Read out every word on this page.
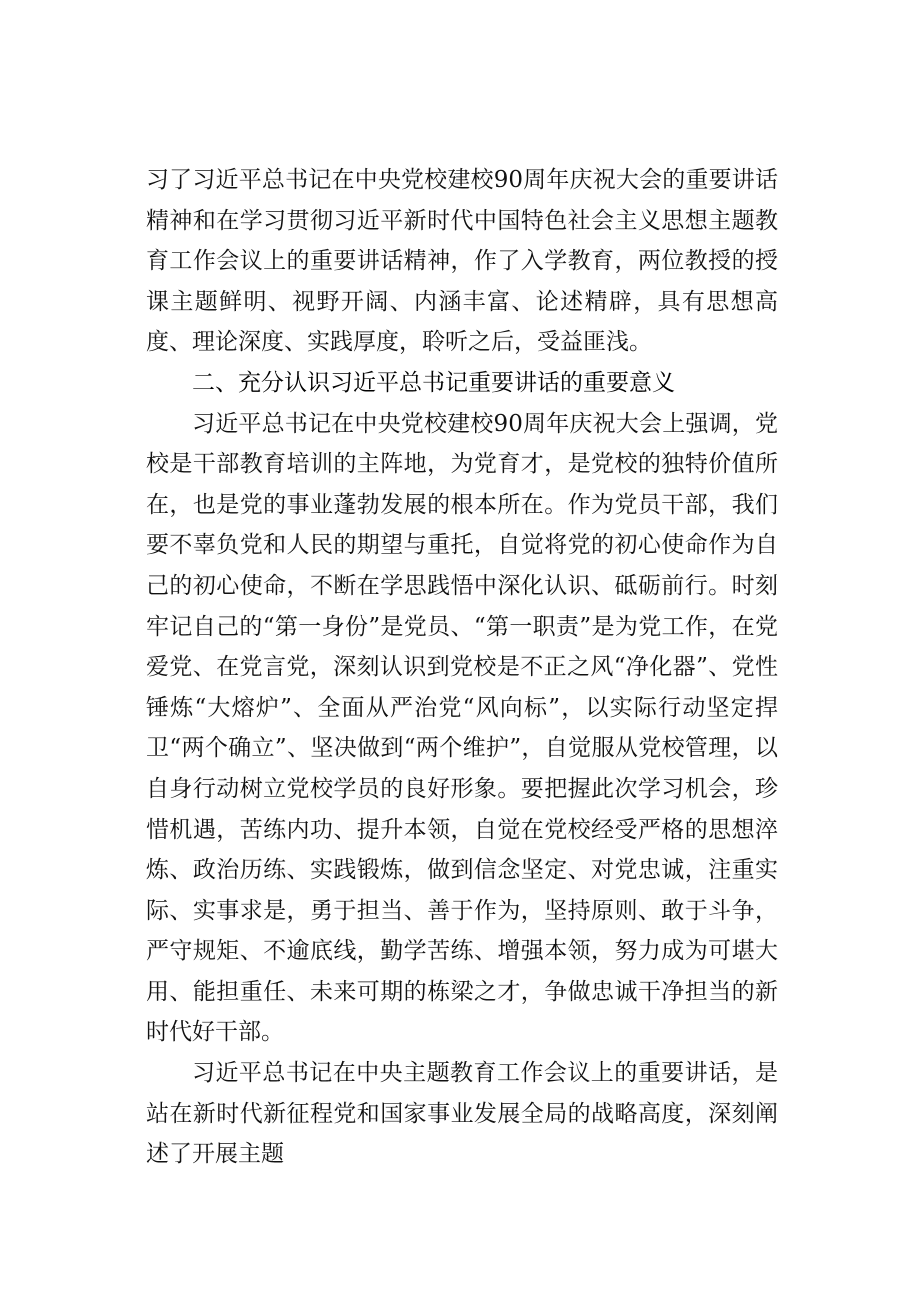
习了习近平总书记在中央党校建校90周年庆祝大会的重要讲话精神和在学习贯彻习近平新时代中国特色社会主义思想主题教育工作会议上的重要讲话精神，作了入学教育，两位教授的授课主题鲜明、视野开阔、内涵丰富、论述精辟，具有思想高度、理论深度、实践厚度，聆听之后，受益匪浅。

二、充分认识习近平总书记重要讲话的重要意义

习近平总书记在中央党校建校90周年庆祝大会上强调，党校是干部教育培训的主阵地，为党育才，是党校的独特价值所在，也是党的事业蓬勃发展的根本所在。作为党员干部，我们要不辜负党和人民的期望与重托，自觉将党的初心使命作为自己的初心使命，不断在学思践悟中深化认识、砥砺前行。时刻牢记自己的“第一身份”是党员、“第一职责”是为党工作，在党爱党、在党言党，深刻认识到党校是不正之风“净化器”、党性锤炼“大熔炉”、全面从严治党“风向标”，以实际行动坚定捍卫“两个确立”、坚决做到“两个维护”，自觉服从党校管理，以自身行动树立党校学员的良好形象。要把握此次学习机会，珍惜机遇，苦练内功、提升本领，自觉在党校经受严格的思想淬炼、政治历练、实践锻炼，做到信念坚定、对党忠诚，注重实际、实事求是，勇于担当、善于作为，坚持原则、敢于斗争，严守规矩、不逾底线，勤学苦练、增强本领，努力成为可堪大用、能担重任、未来可期的栋梁之才，争做忠诚干净担当的新时代好干部。

习近平总书记在中央主题教育工作会议上的重要讲话，是站在新时代新征程党和国家事业发展全局的战略高度，深刻阐述了开展主题
